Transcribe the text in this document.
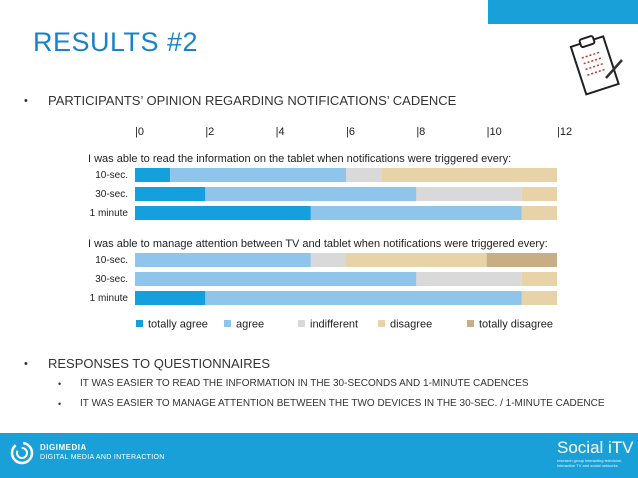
RESULTS #2
•	PARTICIPANTS’ OPINION REGARDING NOTIFICATIONS’ CADENCE
|0	|2	|4	|6	|8	|10	|12
I was able to read the information on the tablet when notifications were triggered every:
10-sec.
30-sec.
1 minute
I was able to manage attention between TV and tablet when notifications were triggered every:
10-sec.
30-sec.
1 minute
totally agree	agree	indifferent	disagree	totally disagree
•	RESPONSES TO QUESTIONNAIRES
•	IT WAS EASIER TO READ THE INFORMATION IN THE 30-SECONDS AND 1-MINUTE CADENCES
•	IT WAS EASIER TO MANAGE ATTENTION BETWEEN THE TWO DEVICES IN THE 30-SEC. / 1-MINUTE CADENCE
DIGIMEDIA
DIGITAL MEDIA AND INTERACTION
Social iTV
research group interacting television, interactive TV and social networks
